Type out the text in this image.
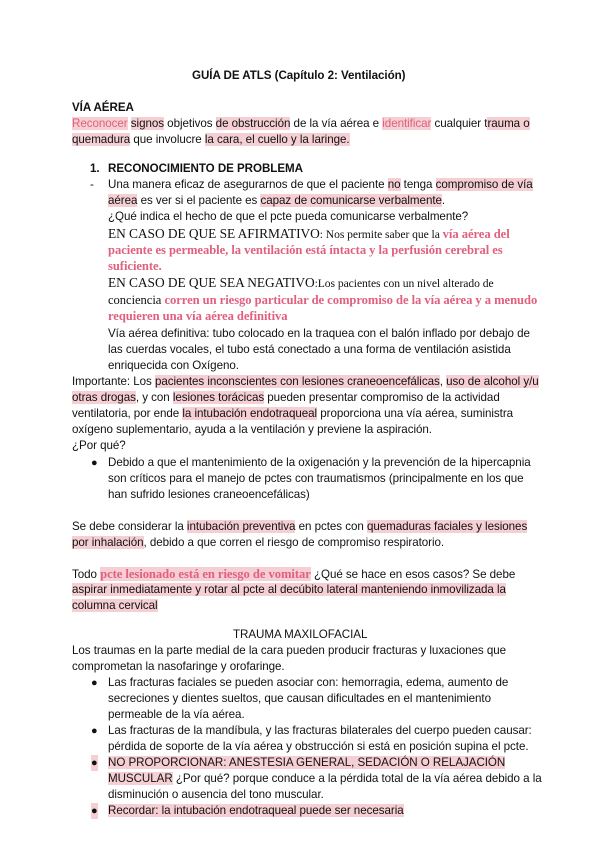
GUÍA DE ATLS (Capítulo 2: Ventilación)
VÍA AÉREA
Reconocer signos objetivos de obstrucción de la vía aérea e identificar cualquier trauma o
quemadura que involucre la cara, el cuello y la laringe.
1. RECONOCIMIENTO DE PROBLEMA
- Una manera eficaz de asegurarnos de que el paciente no tenga compromiso de vía
aérea es ver si el paciente es capaz de comunicarse verbalmente.
¿Qué indica el hecho de que el pcte pueda comunicarse verbalmente?
EN CASO DE QUE SE AFIRMATIVO: Nos permite saber que la vía aérea del
paciente es permeable, la ventilación está íntacta y la perfusión cerebral es
suficiente.
EN CASO DE QUE SEA NEGATIVO:Los pacientes con un nivel alterado de
conciencia corren un riesgo particular de compromiso de la vía aérea y a menudo
requieren una vía aérea definitiva
Vía aérea definitiva: tubo colocado en la traquea con el balón inflado por debajo de
las cuerdas vocales, el tubo está conectado a una forma de ventilación asistida
enriquecida con Oxígeno.
Importante: Los pacientes inconscientes con lesiones craneoencefálicas, uso de alcohol y/u
otras drogas, y con lesiones torácicas pueden presentar compromiso de la actividad
ventilatoria, por ende la intubación endotraqueal proporciona una vía aérea, suministra
oxígeno suplementario, ayuda a la ventilación y previene la aspiración.
¿Por qué?
● Debido a que el mantenimiento de la oxigenación y la prevención de la hipercapnia
son críticos para el manejo de pctes con traumatismos (principalmente en los que
han sufrido lesiones craneoencefálicas)
Se debe considerar la intubación preventiva en pctes con quemaduras faciales y lesiones
por inhalación, debido a que corren el riesgo de compromiso respiratorio.
Todo pcte lesionado está en riesgo de vomitar ¿Qué se hace en esos casos? Se debe
aspirar inmediatamente y rotar al pcte al decúbito lateral manteniendo inmovilizada la
columna cervical
TRAUMA MAXILOFACIAL
Los traumas en la parte medial de la cara pueden producir fracturas y luxaciones que
comprometan la nasofaringe y orofaringe.
● Las fracturas faciales se pueden asociar con: hemorragia, edema, aumento de
secreciones y dientes sueltos, que causan dificultades en el mantenimiento
permeable de la vía aérea.
● Las fracturas de la mandíbula, y las fracturas bilaterales del cuerpo pueden causar:
pérdida de soporte de la vía aérea y obstrucción si está en posición supina el pcte.
● NO PROPORCIONAR: ANESTESIA GENERAL, SEDACIÓN O RELAJACIÓN
MUSCULAR ¿Por qué? porque conduce a la pérdida total de la vía aérea debido a la
disminución o ausencia del tono muscular.
● Recordar: la intubación endotraqueal puede ser necesaria
